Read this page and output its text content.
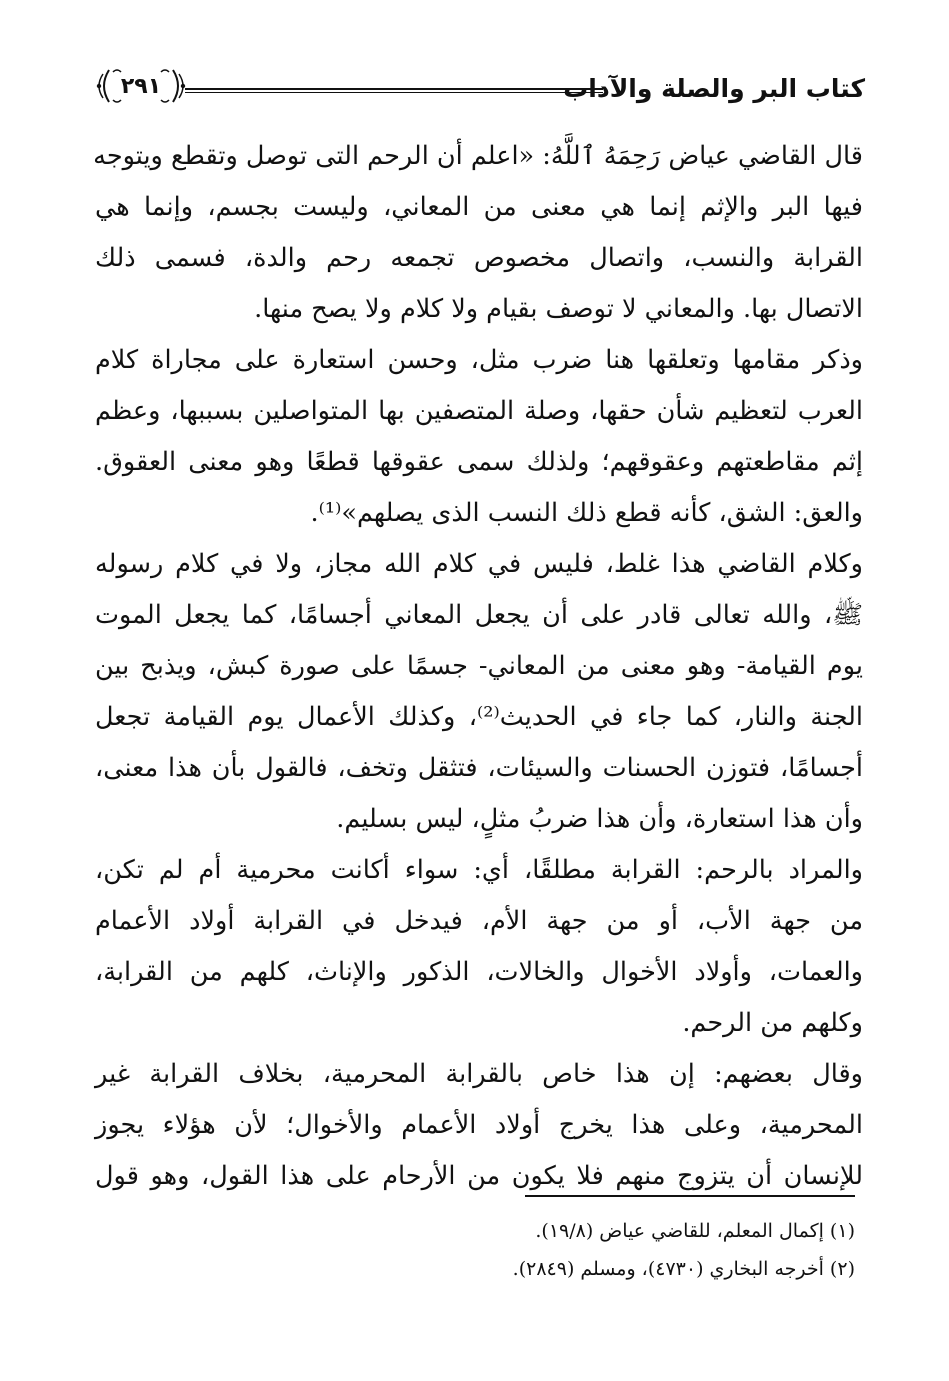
كتاب البر والصلة والآداب
٢٩١
قال القاضي عياض رَحِمَهُ ٱللَّهُ: «اعلم أن الرحم التى توصل وتقطع ويتوجه
فيها البر والإثم إنما هي معنى من المعاني، وليست بجسم، وإنما هي
القرابة والنسب، واتصال مخصوص تجمعه رحم والدة، فسمى ذلك
الاتصال بها. والمعاني لا توصف بقيام ولا كلام ولا يصح منها.
وذكر مقامها وتعلقها هنا ضرب مثل، وحسن استعارة على مجاراة كلام
العرب لتعظيم شأن حقها، وصلة المتصفين بها المتواصلين بسببها، وعظم
إثم مقاطعتهم وعقوقهم؛ ولذلك سمى عقوقها قطعًا وهو معنى العقوق.
والعق: الشق، كأنه قطع ذلك النسب الذى يصلهم»⁽¹⁾.
وكلام القاضي هذا غلط، فليس في كلام الله مجاز، ولا في كلام رسوله
ﷺ، والله تعالى قادر على أن يجعل المعاني أجسامًا، كما يجعل الموت
يوم القيامة- وهو معنى من المعاني- جسمًا على صورة كبش، ويذبح بين
الجنة والنار، كما جاء في الحديث⁽²⁾، وكذلك الأعمال يوم القيامة تجعل
أجسامًا، فتوزن الحسنات والسيئات، فتثقل وتخف، فالقول بأن هذا معنى،
وأن هذا استعارة، وأن هذا ضربُ مثلٍ، ليس بسليم.
والمراد بالرحم: القرابة مطلقًا، أي: سواء أكانت محرمية أم لم تكن،
من جهة الأب، أو من جهة الأم، فيدخل في القرابة أولاد الأعمام
والعمات، وأولاد الأخوال والخالات، الذكور والإناث، كلهم من القرابة،
وكلهم من الرحم.
وقال بعضهم: إن هذا خاص بالقرابة المحرمية، بخلاف القرابة غير
المحرمية، وعلى هذا يخرج أولاد الأعمام والأخوال؛ لأن هؤلاء يجوز
للإنسان أن يتزوج منهم فلا يكون من الأرحام على هذا القول، وهو قول
(١) إكمال المعلم، للقاضي عياض (١٩/٨).
(٢) أخرجه البخاري (٤٧٣٠)، ومسلم (٢٨٤٩).
